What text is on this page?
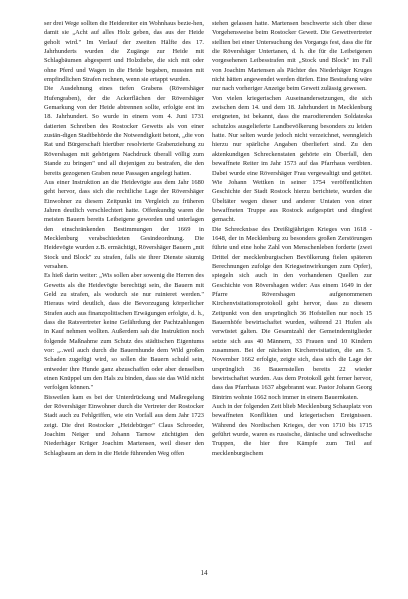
ser drei Wege sollten die Heidereiter ein Wohnhaus bezie-hen, damit sie „Acht auf alles Holz geben, das aus der Heide geholt wird." Im Verlauf der zweiten Hälfte des 17. Jahrhunderts wurden die Zugänge zur Heide mit Schlagbäumen abgesperrt und Holzdiebe, die sich mit oder ohne Pferd und Wagen in die Heide begaben, mussten mit empfindlichen Strafen rechnen, wenn sie ertappt wurden.

Die Ausdehnung eines tiefen Grabens (Rövershäger Hufengraben), der die Ackerflächen der Rövershäger Gemarkung von der Heide abtrennen sollte, erfolgte erst im 18. Jahrhundert. So wurde in einem vom 4. Juni 1731 datierten Schreiben des Rostocker Gewetts als von einer zustän-digen Stadtbehörde die Notwendigkeit betont, „die von Rat und Bürgerschaft hierüber resolvierte Grabenziehung zu Rövershagen mit gehörigem Nachdruck überall völlig zum Stande zu bringen" und all diejenigen zu bestrafen, die den bereits gezogenen Graben neue Passagen angelegt hatten.

Aus einer Instruktion an die Heidevögte aus dem Jahr 1680 geht hervor, dass sich die rechtliche Lage der Rövershäger Einwohner zu diesem Zeitpunkt im Vergleich zu früheren Jahren deutlich verschlechtert hatte. Offenkundig waren die meisten Bauern bereits Leibeigene geworden und unterlagen den einschränkenden Bestimmungen der 1669 in Mecklenburg verabschiedeten Gesindeordnung. Die Heidevögte wurden z.B. ermächtigt, Rövershäger Bauern „mit Stock und Block" zu strafen, falls sie ihrer Dienste säumig versahen.

Es hieß darin weiter: „Wis sollen aber sowenig die Herren des Gewetts als die Heidevögte berechtigt sein, die Bauern mit Geld zu strafen, als wodurch sie nur ruinieret werden." Hieraus wird deutlich, dass die Bevorzugung körperlicher Strafen auch aus finanzpolitischen Erwägungen erfolgte, d. h., dass die Ratsvertreter keine Gefährdung der Pachtzahlungen in Kauf nehmen wollten. Außerdem sah die Instruktion noch folgende Maßnahme zum Schutz des städtischen Eigentums vor: „..weil auch durch die Bauernhunde dem Wild großen Schaden zugefügt wird, so sollen die Bauern schuld sein, entweder ihre Hunde ganz abzuschaffen oder aber denselben einen Knüppel um den Hals zu binden, dass sie das Wild nicht verfolgen können."

Bisweilen kam es bei der Unterdrückung und Maßregelung der Rövershäger Einwohner durch die Vertreter der Rostocker Stadt auch zu Fehlgriffen, wie ein Vorfall aus dem Jahr 1723 zeigt. Die drei Rostocker „Heidebürger" Claus Schroeder, Joachim Neiger und Johann Tarnow züchtigten den Niederhäger Krüger Joachim Martensen, weil dieser den Schlagbaum an dem in die Heide führenden Weg offen

stehen gelassen hatte. Martensen beschwerte sich über diese Vorgehensweise beim Rostocker Gewett. Die Gewettvertreter stellten bei einer Untersuchung des Vorgangs fest, dass die für die Rövershäger Untertanen, d. h. die für die Leibeigenen vorgesehenen Leibesstrafen mit „Stock und Block" im Fall von Joachim Martensen als Pächter des Niederhäger Kruges nicht hätten angewendet werden dürfen. Eine Bestrafung wäre nur nach vorheriger Anzeige beim Gewett zulässig gewesen.

Von vielen kriegerischen Auseinandersetzungen, die sich zwischen dem 14. und dem 18. Jahrhundert in Mecklenburg ereigneten, ist bekannt, dass die marodierenden Soldateska schutzlos ausgelieferte Landbevölkerung besonders zu leiden hatte. Nur selten wurde jedoch nicht verzeichnet, wenngleich hierzu nur spärliche Angaben überliefert sind. Zu den aktenkundigen Schreckenstaten gehörte ein Überfall, den bewaffnete Reiter im Jahr 1573 auf das Pfarrhaus verübten. Dabei wurde eine Rövershäger Frau vergewaltigt und getötet. Wie Johann Wettken in seiner 1754 veröffentlichten Geschichte der Stadt Rostock hierzu berichtete, wurden die Übeltäter wegen dieser und anderer Untaten von einer bewaffneten Truppe aus Rostock aufgespürt und dingfest gemacht.

Die Schrecknisse des Dreißigjährigen Krieges von 1618 - 1648, der in Mecklenburg zu besonders großen Zerstörungen führte und eine hohe Zahl von Menschenleben forderte (zwei Drittel der mecklenburgischen Bevölkerung fielen späteren Berechnungen zufolge den Kriegseinwirkungen zum Opfer), spiegeln sich auch in den vorhandenen Quellen zur Geschichte von Rövershagen wider: Aus einem 1649 in der Pfarre Rövershagen aufgenommenen Kirchenvisitationsprotokoll geht hervor, dass zu diesem Zeitpunkt von den ursprünglich 36 Hofstellen nur noch 15 Bauernhöfe bewirtschaftet wurden, während 21 Hufen als verwüstet galten. Die Gesamtzahl der Gemeindemitglieder setzte sich aus 40 Männern, 33 Frauen und 10 Kindern zusammen. Bei der nächsten Kirchenvisitation, die am 5. November 1662 erfolgte, zeigte sich, dass sich die Lage der ursprünglich 36 Bauernstellen bereits 22 wieder bewirtschaftet wurden. Aus dem Protokoll geht ferner hervor, dass das Pfarrhaus 1637 abgebrannt war. Pastor Johann Georg Bintrim wohnte 1662 noch immer in einem Bauernkaten.

Auch in der folgenden Zeit blieb Mecklenburg Schauplatz von bewaffneten Konflikten und kriegerischen Ereignissen. Während des Nordischen Krieges, der von 1710 bis 1715 geführt wurde, waren es russische, dänische und schwedische Truppen, die hier ihre Kämpfe zum Teil auf mecklenburgischem

14
